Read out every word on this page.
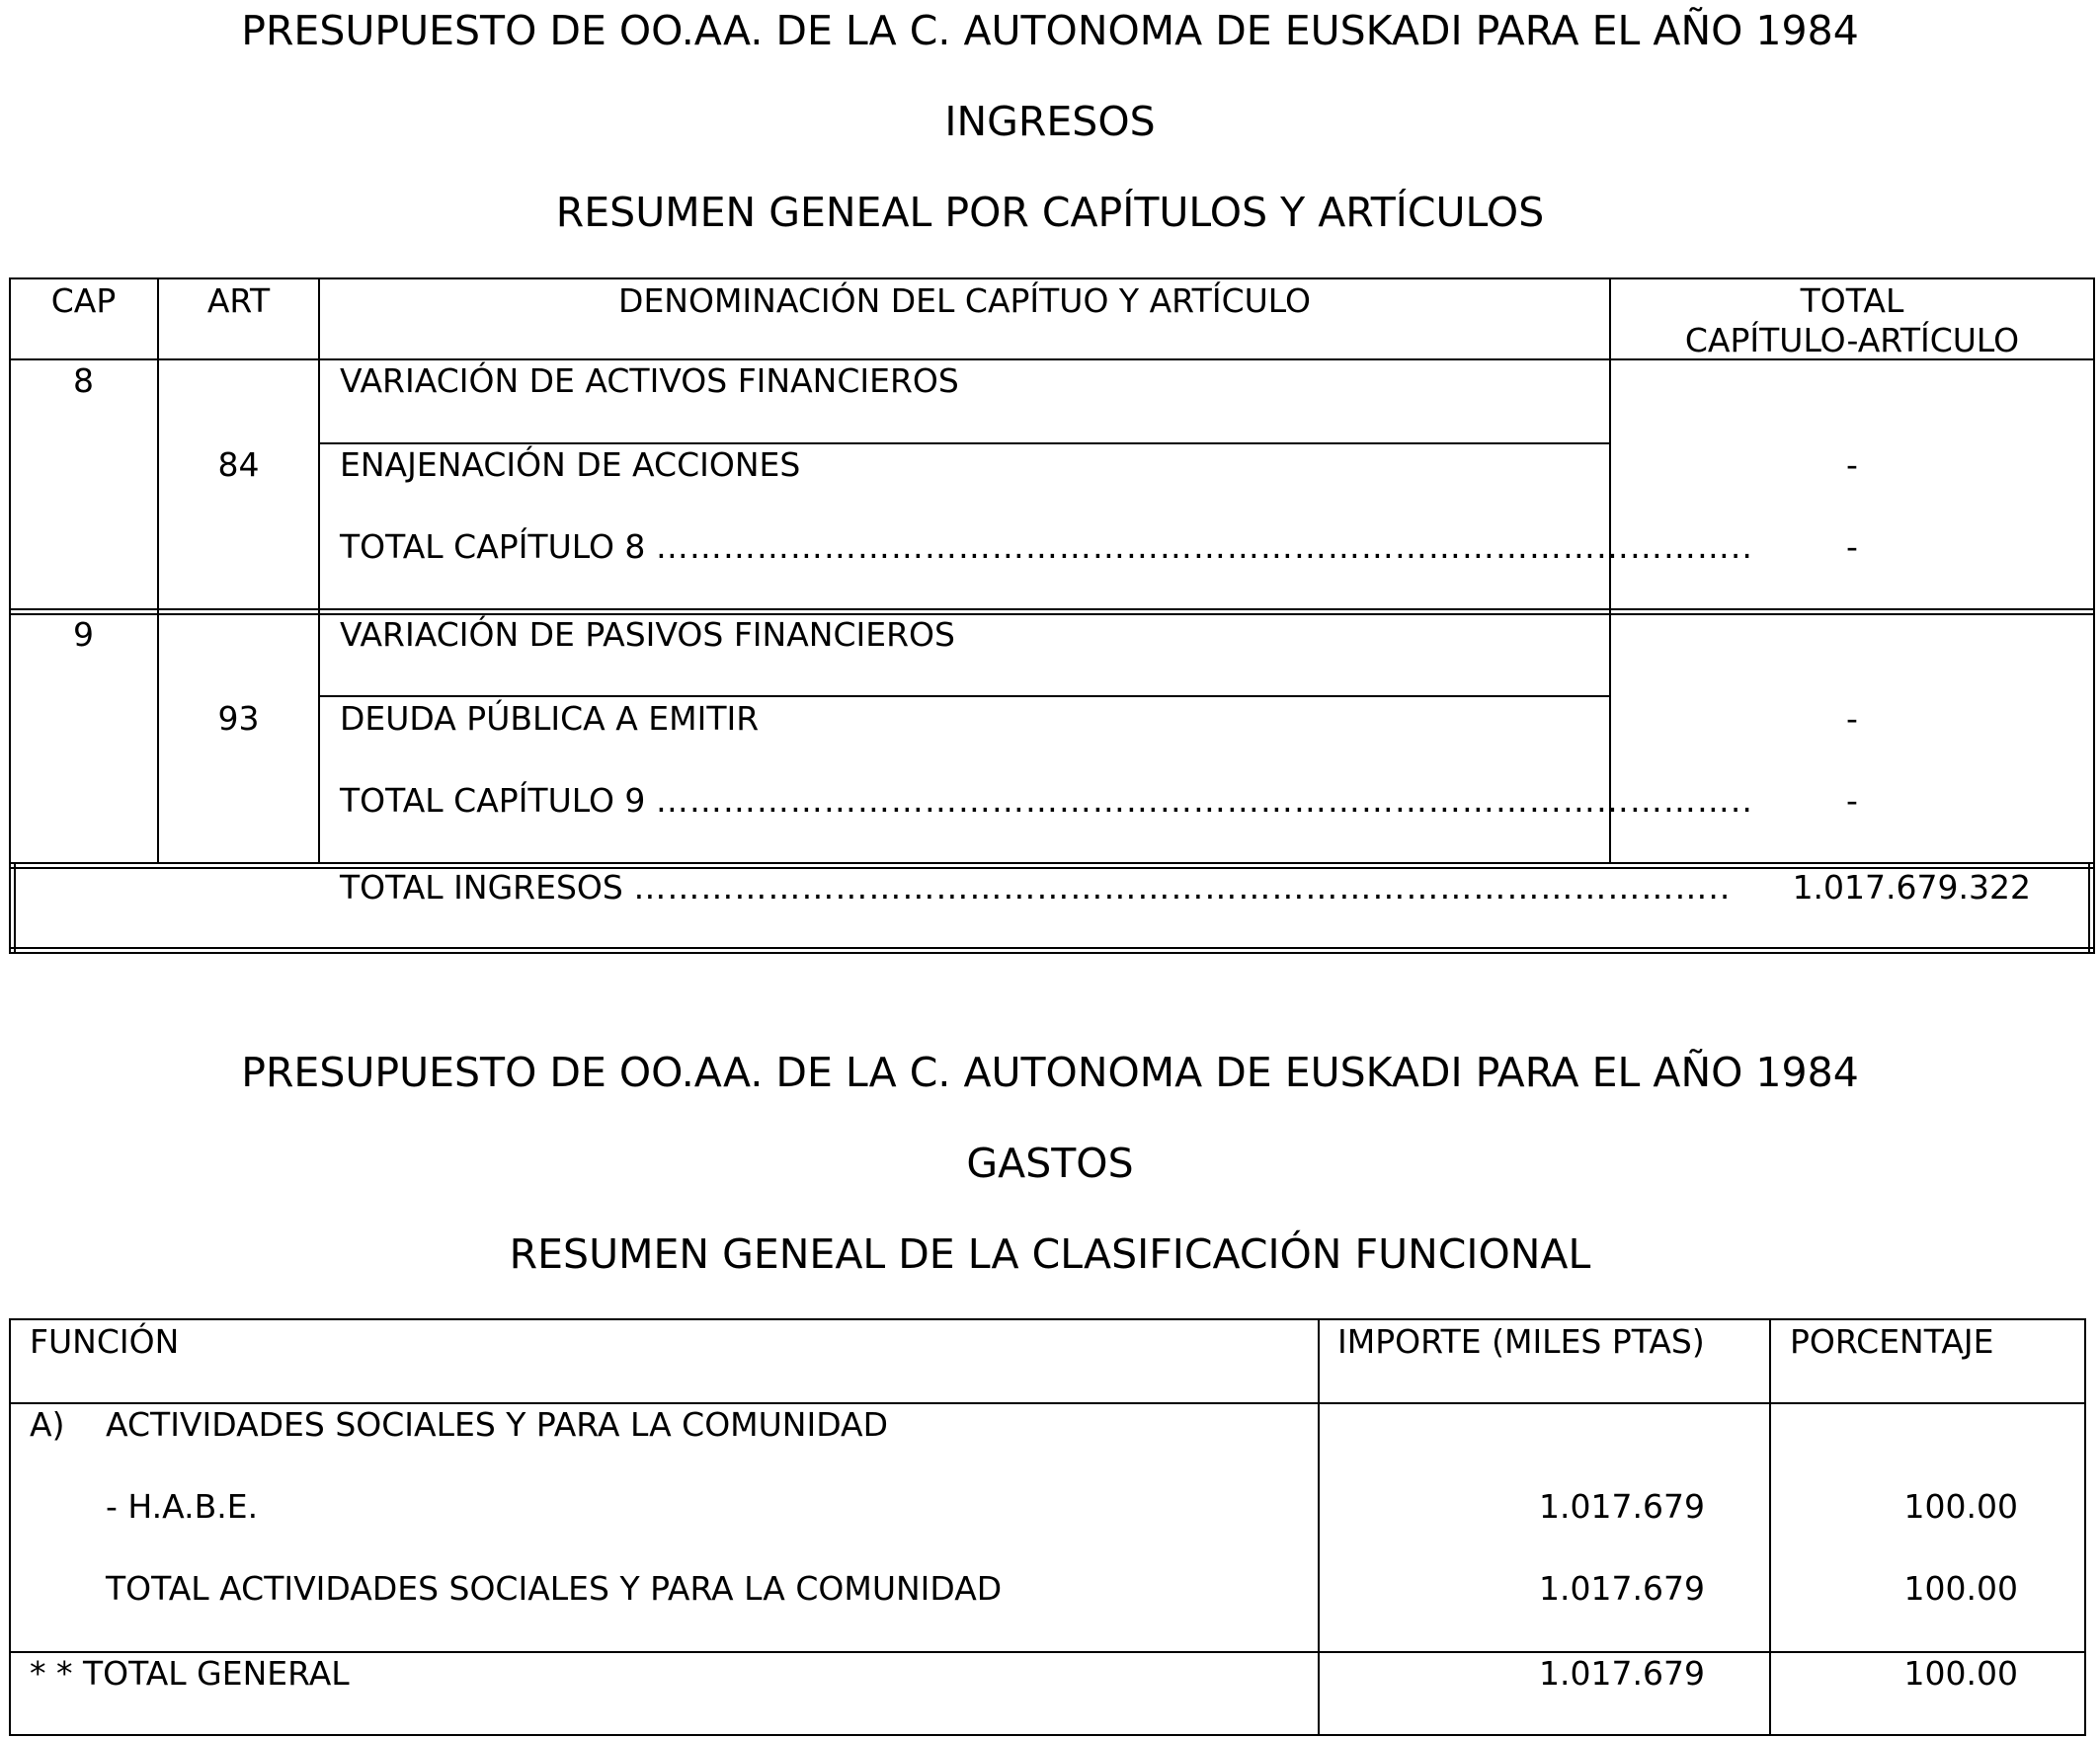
PRESUPUESTO DE OO.AA. DE LA C. AUTONOMA DE EUSKADI PARA EL AÑO 1984
INGRESOS
RESUMEN GENEAL POR CAPÍTULOS Y ARTÍCULOS
CAP	ART	DENOMINACIÓN DEL CAPÍTUO Y ARTÍCULO	TOTAL
CAPÍTULO-ARTÍCULO
8	VARIACIÓN DE ACTIVOS FINANCIEROS
84	ENAJENACIÓN DE ACCIONES	-
TOTAL CAPÍTULO 8 ……………………………………………………………………………………..	-
9	VARIACIÓN DE PASIVOS FINANCIEROS
93	DEUDA PÚBLICA A EMITIR	-
TOTAL CAPÍTULO 9 ……………………………………………………………………………………..	-
TOTAL INGRESOS ……………………………………………………………………………………..	1.017.679.322
PRESUPUESTO DE OO.AA. DE LA C. AUTONOMA DE EUSKADI PARA EL AÑO 1984
GASTOS
RESUMEN GENEAL DE LA CLASIFICACIÓN FUNCIONAL
FUNCIÓN	IMPORTE (MILES PTAS)	PORCENTAJE
A) ACTIVIDADES SOCIALES Y PARA LA COMUNIDAD
- H.A.B.E.	1.017.679	100.00
TOTAL ACTIVIDADES SOCIALES Y PARA LA COMUNIDAD	1.017.679	100.00
* * TOTAL GENERAL	1.017.679	100.00
